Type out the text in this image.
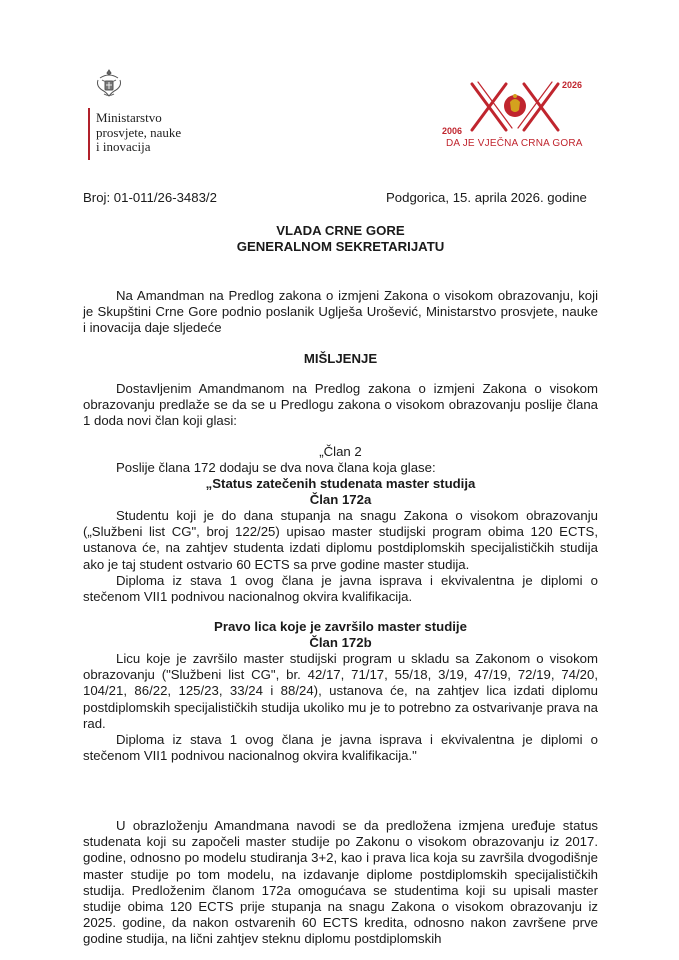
Ministarstvo
prosvjete, nauke
i inovacija
2026
2006
DA JE VJEČNA CRNA GORA
Broj: 01-011/26-3483/2	Podgorica, 15. aprila 2026. godine
VLADA CRNE GORE
GENERALNOM SEKRETARIJATU
Na Amandman na Predlog zakona o izmjeni Zakona o visokom obrazovanju, koji je Skupštini Crne Gore podnio poslanik Uglješa Urošević, Ministarstvo prosvjete, nauke i inovacija daje sljedeće
MIŠLJENJE
Dostavljenim Amandmanom na Predlog zakona o izmjeni Zakona o visokom obrazovanju predlaže se da se u Predlogu zakona o visokom obrazovanju poslije člana 1 doda novi član koji glasi:
„Član 2
Poslije člana 172 dodaju se dva nova člana koja glase:
„Status zatečenih studenata master studija
Član 172a
Studentu koji je do dana stupanja na snagu Zakona o visokom obrazovanju („Službeni list CG", broj 122/25) upisao master studijski program obima 120 ECTS, ustanova će, na zahtjev studenta izdati diplomu postdiplomskih specijalističkih studija ako je taj student ostvario 60 ECTS sa prve godine master studija.
Diploma iz stava 1 ovog člana je javna isprava i ekvivalentna je diplomi o stečenom VII1 podnivou nacionalnog okvira kvalifikacija.
Pravo lica koje je završilo master studije
Član 172b
Licu koje je završilo master studijski program u skladu sa Zakonom o visokom obrazovanju ("Službeni list CG", br. 42/17, 71/17, 55/18, 3/19, 47/19, 72/19, 74/20, 104/21, 86/22, 125/23, 33/24 i 88/24), ustanova će, na zahtjev lica izdati diplomu postdiplomskih specijalističkih studija ukoliko mu je to potrebno za ostvarivanje prava na rad.
Diploma iz stava 1 ovog člana je javna isprava i ekvivalentna je diplomi o stečenom VII1 podnivou nacionalnog okvira kvalifikacija."
U obrazloženju Amandmana navodi se da predložena izmjena uređuje status studenata koji su započeli master studije po Zakonu o visokom obrazovanju iz 2017. godine, odnosno po modelu studiranja 3+2, kao i prava lica koja su završila dvogodišnje master studije po tom modelu, na izdavanje diplome postdiplomskih specijalističkih studija. Predloženim članom 172a omogućava se studentima koji su upisali master studije obima 120 ECTS prije stupanja na snagu Zakona o visokom obrazovanju iz 2025. godine, da nakon ostvarenih 60 ECTS kredita, odnosno nakon završene prve godine studija, na lični zahtjev steknu diplomu postdiplomskih
